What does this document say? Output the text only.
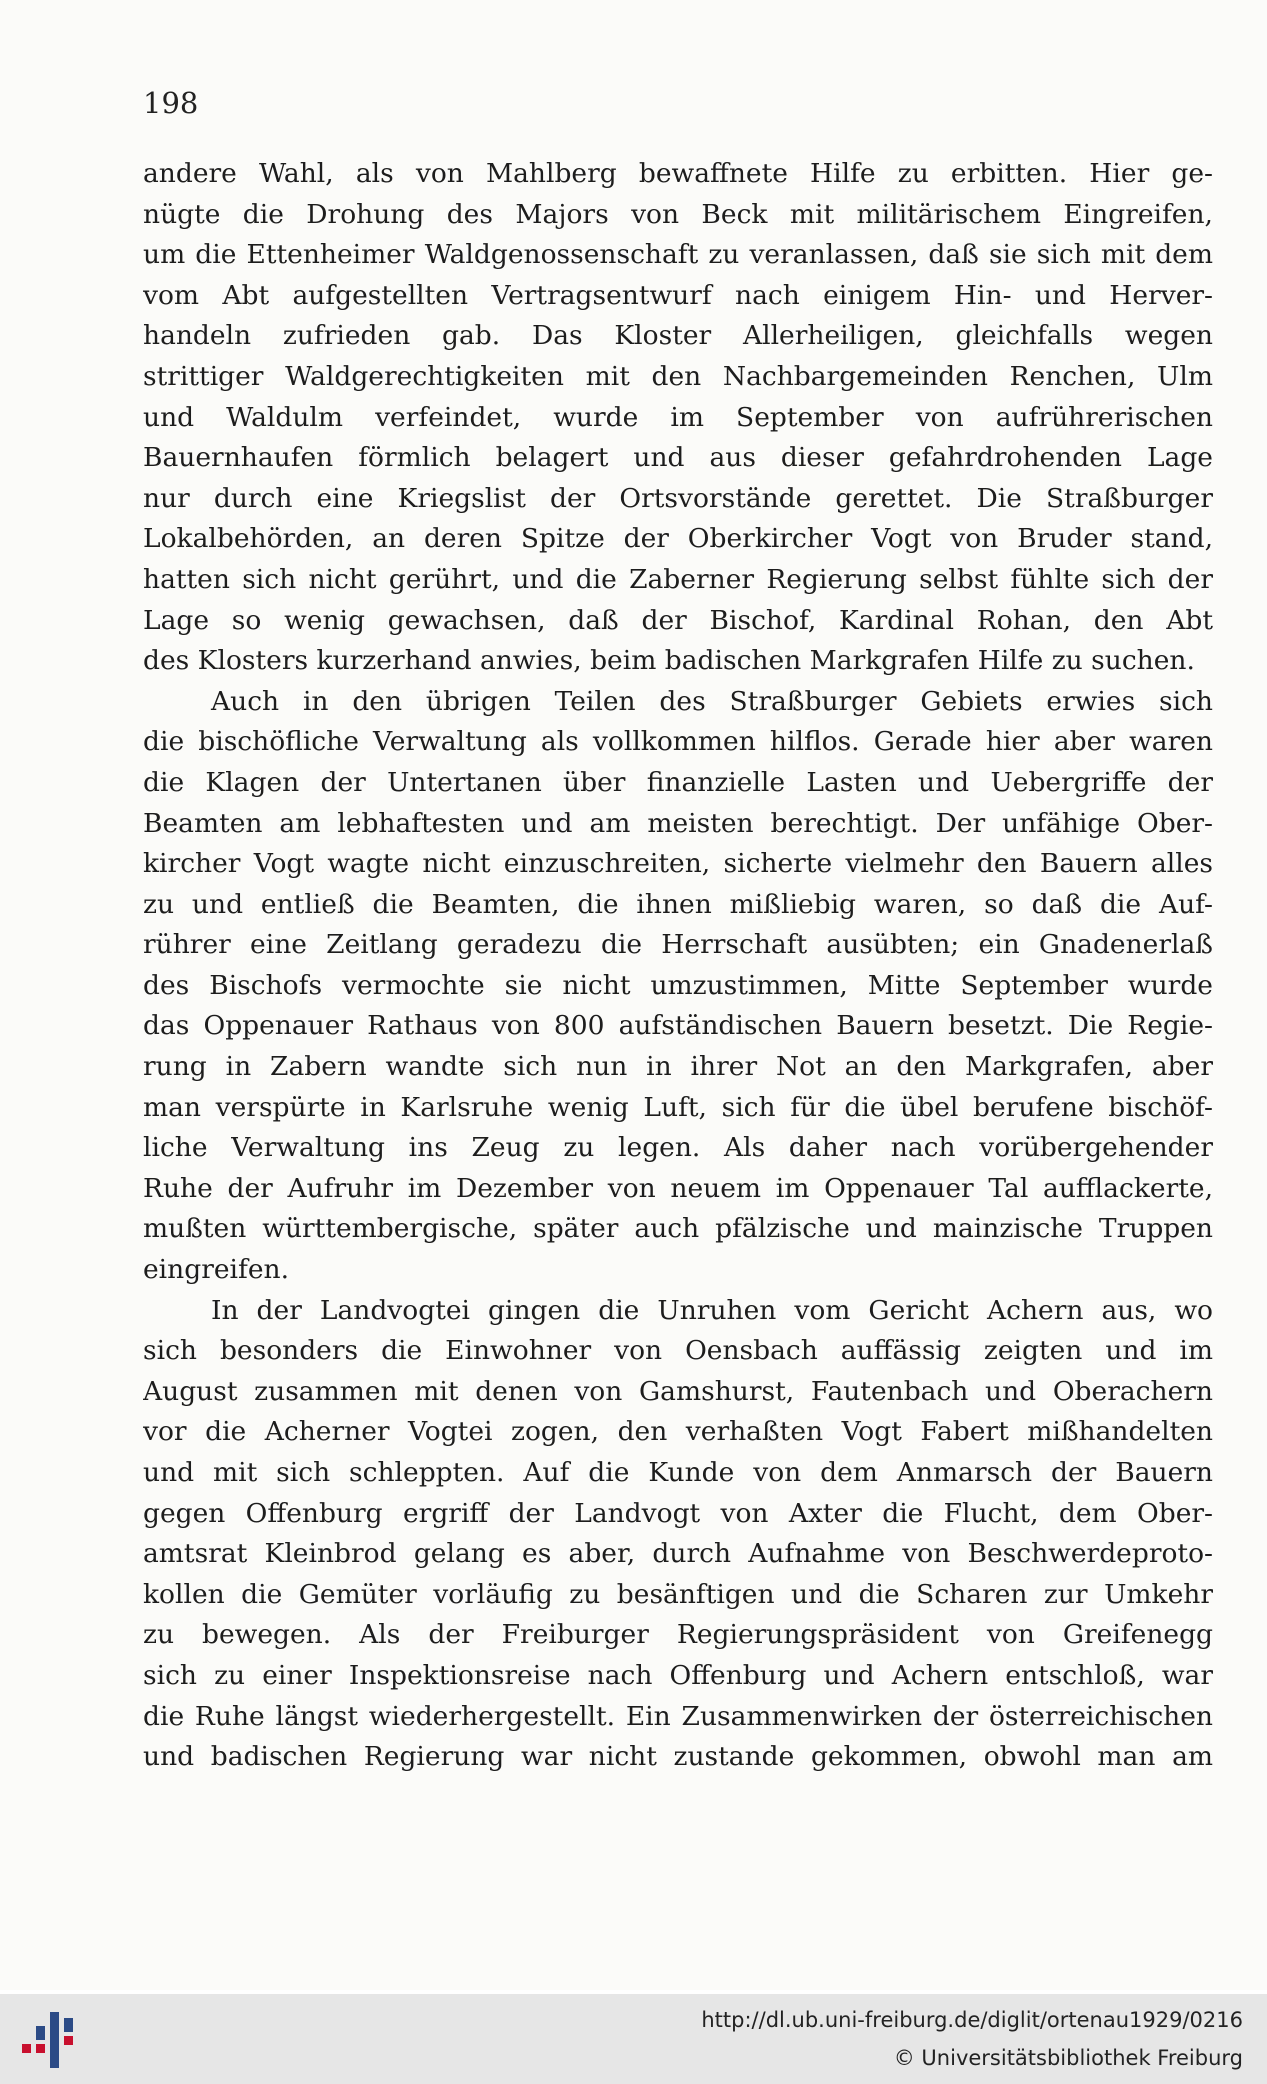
198
andere Wahl, als von Mahlberg bewaffnete Hilfe zu erbitten. Hier ge-
nügte die Drohung des Majors von Beck mit militärischem Eingreifen,
um die Ettenheimer Waldgenossenschaft zu veranlassen, daß sie sich mit dem
vom Abt aufgestellten Vertragsentwurf nach einigem Hin- und Herver-
handeln zufrieden gab. Das Kloster Allerheiligen, gleichfalls wegen
strittiger Waldgerechtigkeiten mit den Nachbargemeinden Renchen, Ulm
und Waldulm verfeindet, wurde im September von aufrührerischen
Bauernhaufen förmlich belagert und aus dieser gefahrdrohenden Lage
nur durch eine Kriegslist der Ortsvorstände gerettet. Die Straßburger
Lokalbehörden, an deren Spitze der Oberkircher Vogt von Bruder stand,
hatten sich nicht gerührt, und die Zaberner Regierung selbst fühlte sich der
Lage so wenig gewachsen, daß der Bischof, Kardinal Rohan, den Abt
des Klosters kurzerhand anwies, beim badischen Markgrafen Hilfe zu suchen.
Auch in den übrigen Teilen des Straßburger Gebiets erwies sich
die bischöfliche Verwaltung als vollkommen hilflos. Gerade hier aber waren
die Klagen der Untertanen über finanzielle Lasten und Uebergriffe der
Beamten am lebhaftesten und am meisten berechtigt. Der unfähige Ober-
kircher Vogt wagte nicht einzuschreiten, sicherte vielmehr den Bauern alles
zu und entließ die Beamten, die ihnen mißliebig waren, so daß die Auf-
rührer eine Zeitlang geradezu die Herrschaft ausübten; ein Gnadenerlaß
des Bischofs vermochte sie nicht umzustimmen, Mitte September wurde
das Oppenauer Rathaus von 800 aufständischen Bauern besetzt. Die Regie-
rung in Zabern wandte sich nun in ihrer Not an den Markgrafen, aber
man verspürte in Karlsruhe wenig Luft, sich für die übel berufene bischöf-
liche Verwaltung ins Zeug zu legen. Als daher nach vorübergehender
Ruhe der Aufruhr im Dezember von neuem im Oppenauer Tal aufflackerte,
mußten württembergische, später auch pfälzische und mainzische Truppen
eingreifen.
In der Landvogtei gingen die Unruhen vom Gericht Achern aus, wo
sich besonders die Einwohner von Oensbach auffässig zeigten und im
August zusammen mit denen von Gamshurst, Fautenbach und Oberachern
vor die Acherner Vogtei zogen, den verhaßten Vogt Fabert mißhandelten
und mit sich schleppten. Auf die Kunde von dem Anmarsch der Bauern
gegen Offenburg ergriff der Landvogt von Axter die Flucht, dem Ober-
amtsrat Kleinbrod gelang es aber, durch Aufnahme von Beschwerdeproto-
kollen die Gemüter vorläufig zu besänftigen und die Scharen zur Umkehr
zu bewegen. Als der Freiburger Regierungspräsident von Greifenegg
sich zu einer Inspektionsreise nach Offenburg und Achern entschloß, war
die Ruhe längst wiederhergestellt. Ein Zusammenwirken der österreichischen
und badischen Regierung war nicht zustande gekommen, obwohl man am
http://dl.ub.uni-freiburg.de/diglit/ortenau1929/0216
© Universitätsbibliothek Freiburg
